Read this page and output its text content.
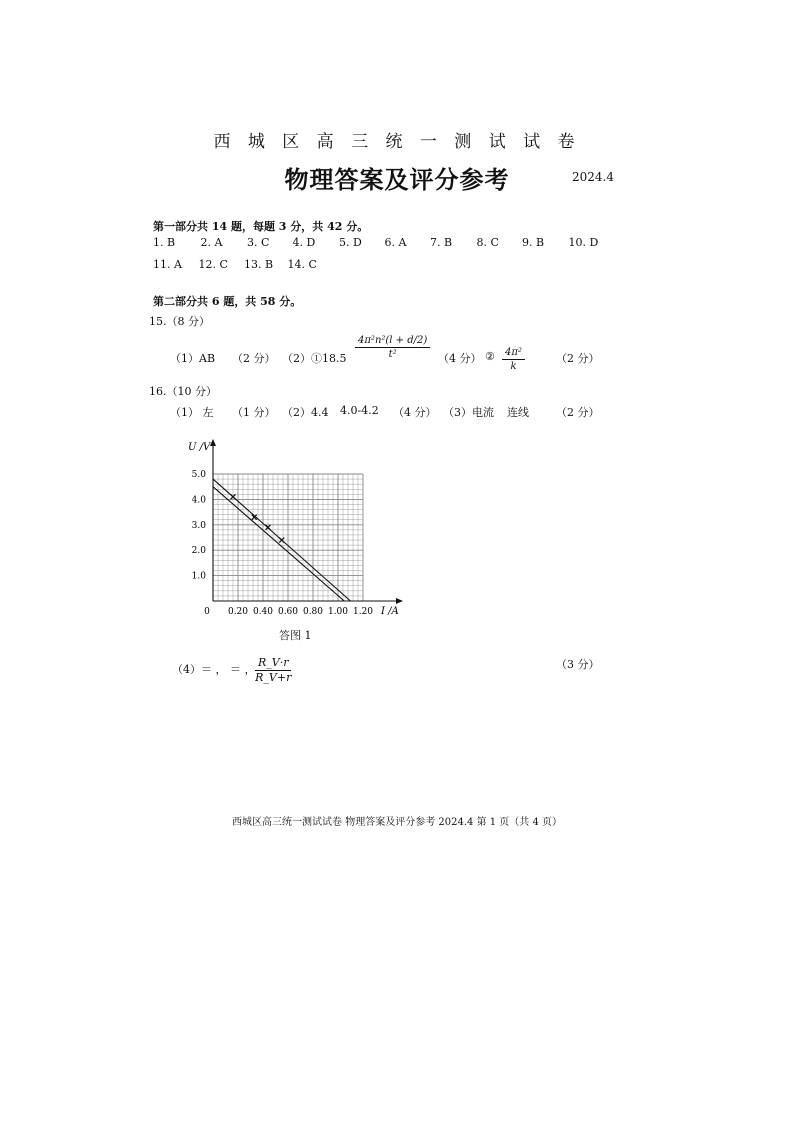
西 城 区 高 三 统 一 测 试 试 卷
物理答案及评分参考	2024.4
第一部分共 14 题，每题 3 分，共 42 分。
1. B 2. A 3. C 4. D 5. D 6. A 7. B 8. C 9. B 10. D
11. A 12. C 13. B 14. C
第二部分共 6 题，共 58 分。
15.（8 分）
（1）AB （2 分） （2）①18.5 $\frac{\text{4π²n²(l + d/2)}}{\text{t²}} (4$ 分） ② $\frac{\text{4π²}}{k}$	（2 分）
16.（10 分）
（1） 左 （1 分） （2）4.4 4.0-4.2 （4 分） （3）电流 连线 （2 分）
0 0.20 0.40 0.60 0.80 1.00 1.20
1.0
2.0
3.0
4.0
5.0
U /V
I /A
答图 1
（4）＝ ， ＝ ， $\frac{R\_V\cdot r}{R\_V+r}$	（3 分）
西城区高三统一测试试卷 物理答案及评分参考 2024.4 第 1 页（共 4 页）
